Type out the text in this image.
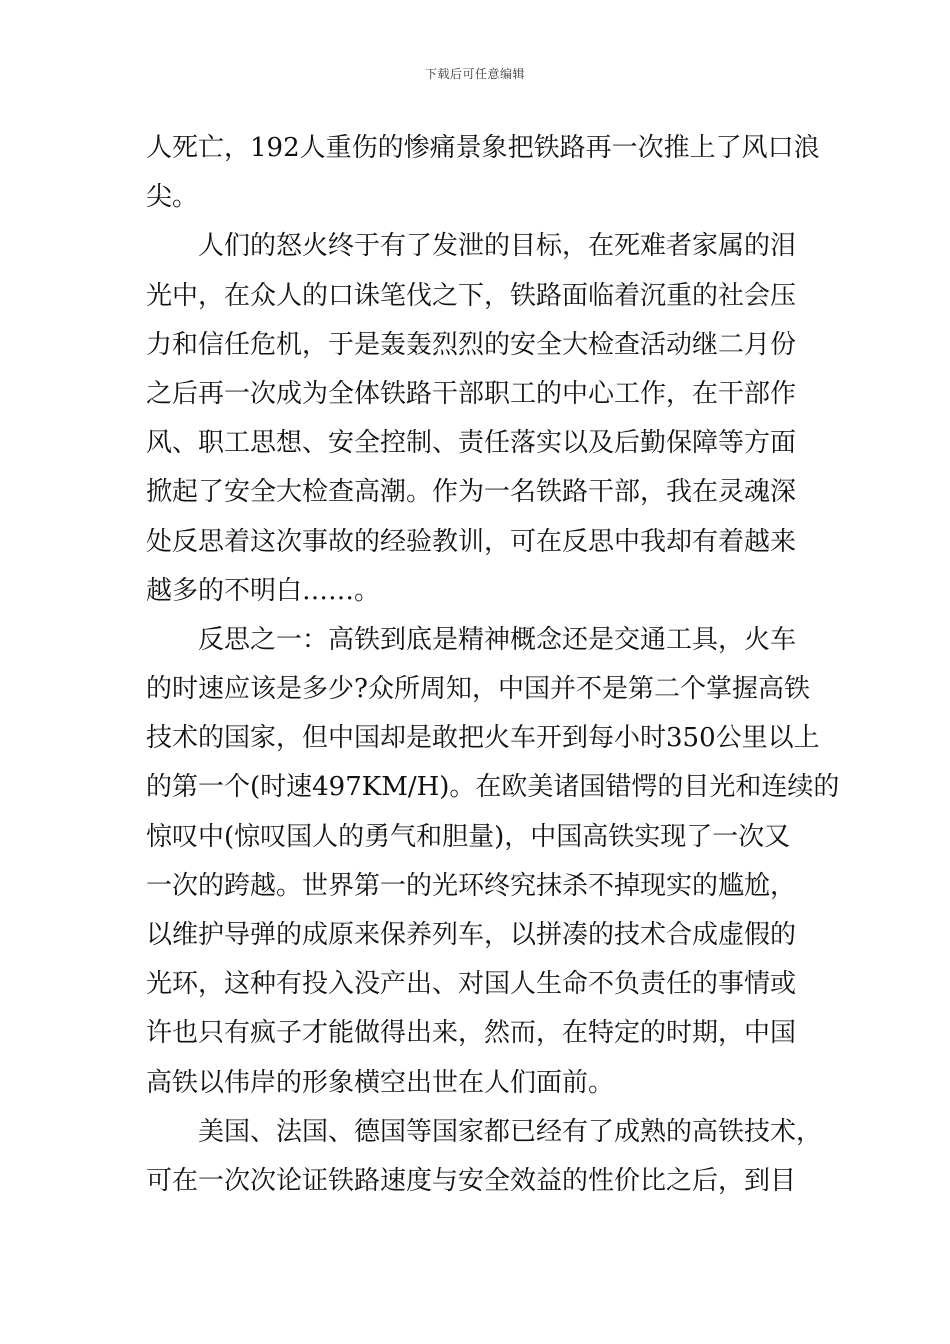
下载后可任意编辑
人死亡，192人重伤的惨痛景象把铁路再一次推上了风口浪
尖。
人们的怒火终于有了发泄的目标，在死难者家属的泪
光中，在众人的口诛笔伐之下，铁路面临着沉重的社会压
力和信任危机，于是轰轰烈烈的安全大检查活动继二月份
之后再一次成为全体铁路干部职工的中心工作，在干部作
风、职工思想、安全控制、责任落实以及后勤保障等方面
掀起了安全大检查高潮。作为一名铁路干部，我在灵魂深
处反思着这次事故的经验教训，可在反思中我却有着越来
越多的不明白……。
反思之一：高铁到底是精神概念还是交通工具，火车
的时速应该是多少?众所周知，中国并不是第二个掌握高铁
技术的国家，但中国却是敢把火车开到每小时350公里以上
的第一个(时速497KM/H)。在欧美诸国错愕的目光和连续的
惊叹中(惊叹国人的勇气和胆量)，中国高铁实现了一次又
一次的跨越。世界第一的光环终究抹杀不掉现实的尴尬，
以维护导弹的成原来保养列车，以拼凑的技术合成虚假的
光环，这种有投入没产出、对国人生命不负责任的事情或
许也只有疯子才能做得出来，然而，在特定的时期，中国
高铁以伟岸的形象横空出世在人们面前。
美国、法国、德国等国家都已经有了成熟的高铁技术，
可在一次次论证铁路速度与安全效益的性价比之后，到目
